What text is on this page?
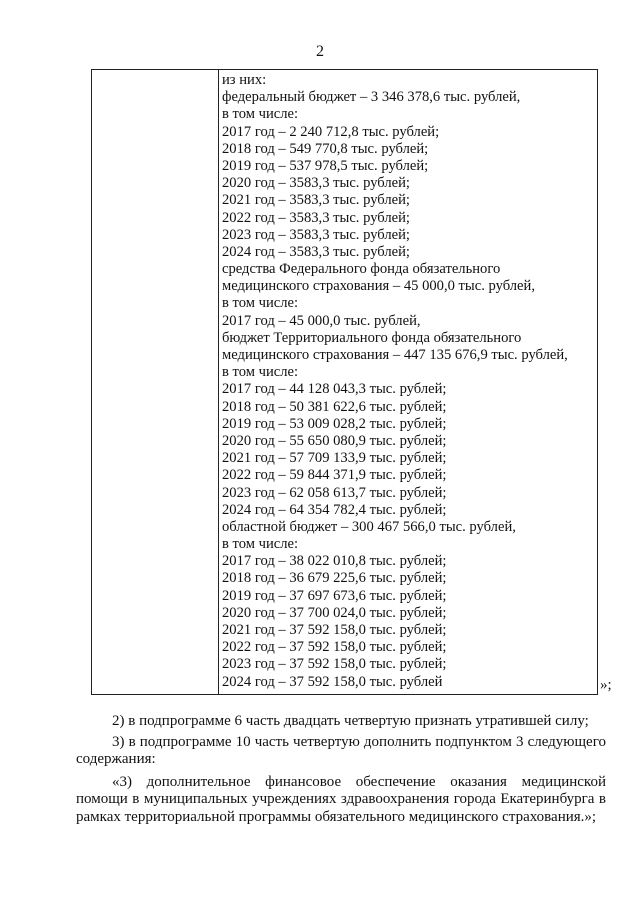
2

из них:
федеральный бюджет – 3 346 378,6 тыс. рублей,
в том числе:
2017 год – 2 240 712,8 тыс. рублей;
2018 год – 549 770,8 тыс. рублей;
2019 год – 537 978,5 тыс. рублей;
2020 год – 3583,3 тыс. рублей;
2021 год – 3583,3 тыс. рублей;
2022 год – 3583,3 тыс. рублей;
2023 год – 3583,3 тыс. рублей;
2024 год – 3583,3 тыс. рублей;
средства Федерального фонда обязательного
медицинского страхования – 45 000,0 тыс. рублей,
в том числе:
2017 год – 45 000,0 тыс. рублей,
бюджет Территориального фонда обязательного
медицинского страхования – 447 135 676,9 тыс. рублей,
в том числе:
2017 год – 44 128 043,3 тыс. рублей;
2018 год – 50 381 622,6 тыс. рублей;
2019 год – 53 009 028,2 тыс. рублей;
2020 год – 55 650 080,9 тыс. рублей;
2021 год – 57 709 133,9 тыс. рублей;
2022 год – 59 844 371,9 тыс. рублей;
2023 год – 62 058 613,7 тыс. рублей;
2024 год – 64 354 782,4 тыс. рублей;
областной бюджет – 300 467 566,0 тыс. рублей,
в том числе:
2017 год – 38 022 010,8 тыс. рублей;
2018 год – 36 679 225,6 тыс. рублей;
2019 год – 37 697 673,6 тыс. рублей;
2020 год – 37 700 024,0 тыс. рублей;
2021 год – 37 592 158,0 тыс. рублей;
2022 год – 37 592 158,0 тыс. рублей;
2023 год – 37 592 158,0 тыс. рублей;
2024 год – 37 592 158,0 тыс. рублей	»;

2) в подпрограмме 6 часть двадцать четвертую признать утратившей силу;

3) в подпрограмме 10 часть четвертую дополнить подпунктом 3 следующего содержания:

«3) дополнительное финансовое обеспечение оказания медицинской помощи в муниципальных учреждениях здравоохранения города Екатеринбурга в рамках территориальной программы обязательного медицинского страхования.»;
